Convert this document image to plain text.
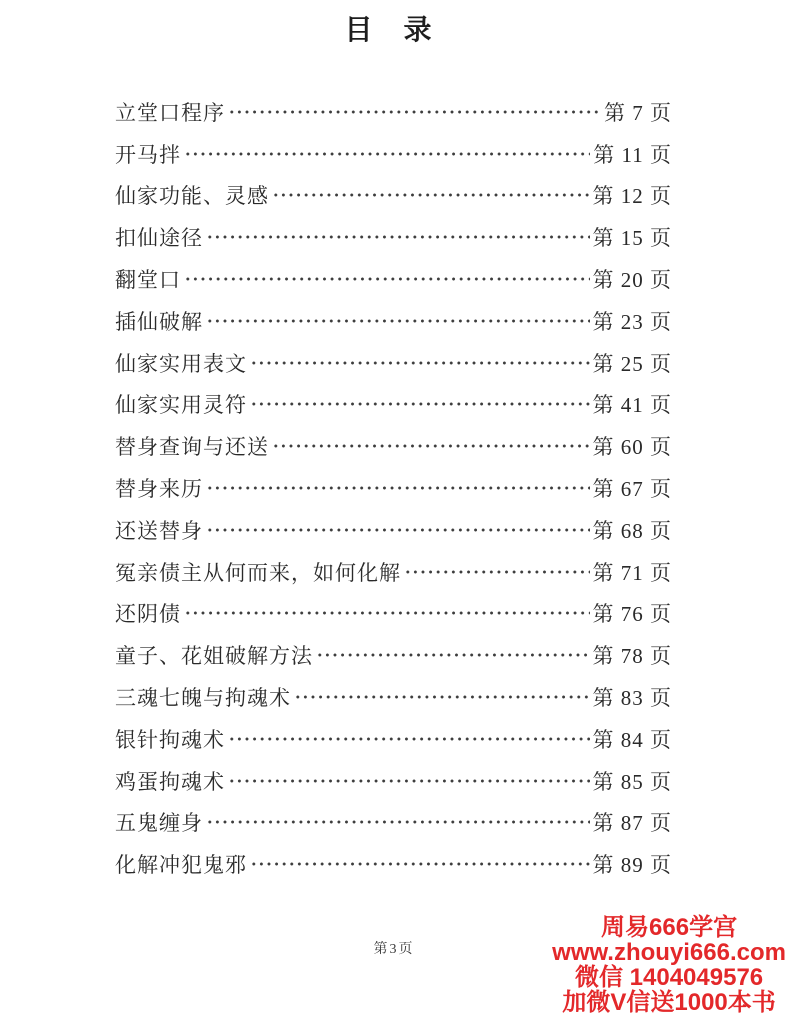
目 录
立堂口程序	第 7 页
开马拌	第 11 页
仙家功能、灵感	第 12 页
扣仙途径	第 15 页
翻堂口	第 20 页
插仙破解	第 23 页
仙家实用表文	第 25 页
仙家实用灵符	第 41 页
替身查询与还送	第 60 页
替身来历	第 67 页
还送替身	第 68 页
冤亲债主从何而来，如何化解	第 71 页
还阴债	第 76 页
童子、花姐破解方法	第 78 页
三魂七魄与拘魂术	第 83 页
银针拘魂术	第 84 页
鸡蛋拘魂术	第 85 页
五鬼缠身	第 87 页
化解冲犯鬼邪	第 89 页
第3页
周易666学宫
www.zhouyi666.com
微信 1404049576
加微V信送1000本书
